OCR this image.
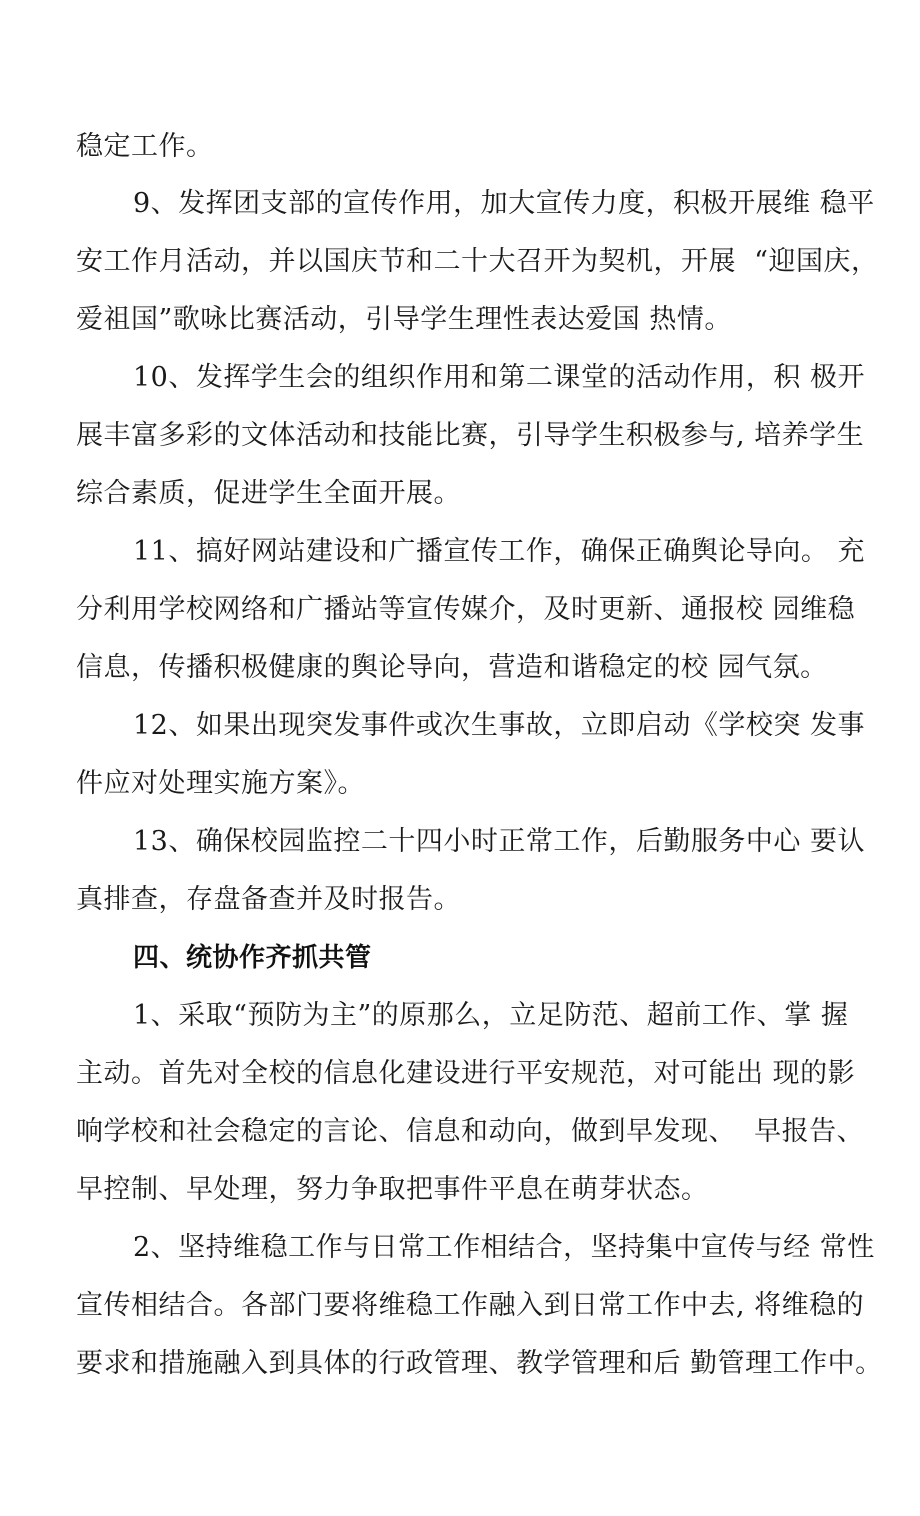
稳定工作。
9、发挥团支部的宣传作用，加大宣传力度，积极开展维 稳平
安工作月活动，并以国庆节和二十大召开为契机，开展  “迎国庆，
爱祖国”歌咏比赛活动，引导学生理性表达爱国 热情。
10、发挥学生会的组织作用和第二课堂的活动作用，积 极开
展丰富多彩的文体活动和技能比赛，引导学生积极参与, 培养学生
综合素质，促进学生全面开展。
11、搞好网站建设和广播宣传工作，确保正确舆论导向。 充
分利用学校网络和广播站等宣传媒介，及时更新、通报校 园维稳
信息，传播积极健康的舆论导向，营造和谐稳定的校 园气氛。
12、如果出现突发事件或次生事故，立即启动《学校突 发事
件应对处理实施方案》。
13、确保校园监控二十四小时正常工作，后勤服务中心 要认
真排查，存盘备查并及时报告。
四、统协作齐抓共管
1、采取“预防为主”的原那么，立足防范、超前工作、掌 握
主动。首先对全校的信息化建设进行平安规范，对可能出 现的影
响学校和社会稳定的言论、信息和动向，做到早发现、  早报告、
早控制、早处理，努力争取把事件平息在萌芽状态。
2、坚持维稳工作与日常工作相结合，坚持集中宣传与经 常性
宣传相结合。各部门要将维稳工作融入到日常工作中去, 将维稳的
要求和措施融入到具体的行政管理、教学管理和后 勤管理工作中。
